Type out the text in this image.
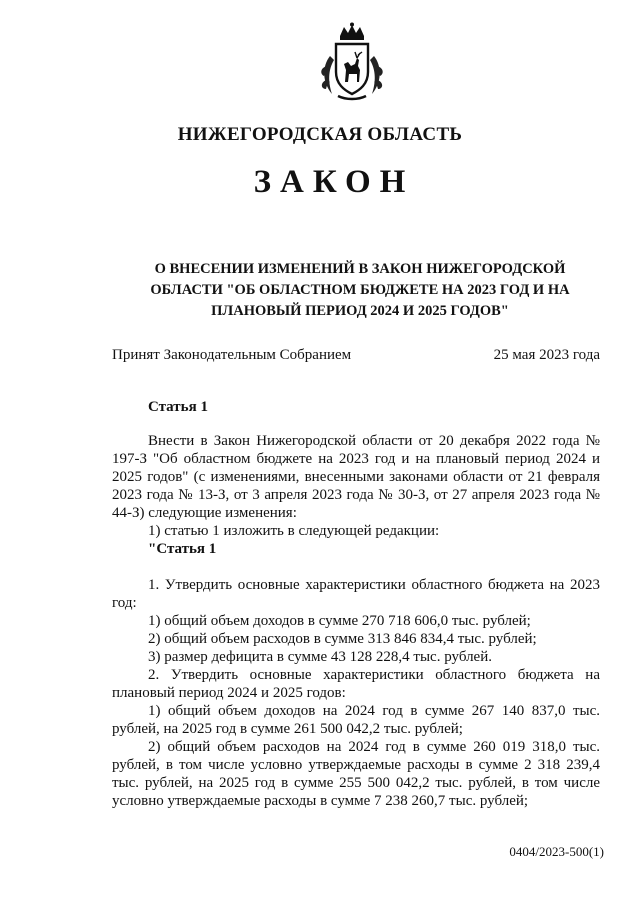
НИЖЕГОРОДСКАЯ ОБЛАСТЬ
ЗАКОН
О ВНЕСЕНИИ ИЗМЕНЕНИЙ В ЗАКОН НИЖЕГОРОДСКОЙ ОБЛАСТИ "ОБ ОБЛАСТНОМ БЮДЖЕТЕ НА 2023 ГОД И НА ПЛАНОВЫЙ ПЕРИОД 2024 И 2025 ГОДОВ"
Принят Законодательным Собранием	25 мая 2023 года

Статья 1

Внести в Закон Нижегородской области от 20 декабря 2022 года № 197-З "Об областном бюджете на 2023 год и на плановый период 2024 и 2025 годов" (с изменениями, внесенными законами области от 21 февраля 2023 года № 13-З, от 3 апреля 2023 года № 30-З, от 27 апреля 2023 года № 44-З) следующие изменения:

1) статью 1 изложить в следующей редакции:

"Статья 1

1. Утвердить основные характеристики областного бюджета на 2023 год:

1) общий объем доходов в сумме 270 718 606,0 тыс. рублей;

2) общий объем расходов в сумме 313 846 834,4 тыс. рублей;

3) размер дефицита в сумме 43 128 228,4 тыс. рублей.

2. Утвердить основные характеристики областного бюджета на плановый период 2024 и 2025 годов:

1) общий объем доходов на 2024 год в сумме 267 140 837,0 тыс. рублей, на 2025 год в сумме 261 500 042,2 тыс. рублей;

2) общий объем расходов на 2024 год в сумме 260 019 318,0 тыс. рублей, в том числе условно утверждаемые расходы в сумме 2 318 239,4 тыс. рублей, на 2025 год в сумме 255 500 042,2 тыс. рублей, в том числе условно утверждаемые расходы в сумме 7 238 260,7 тыс. рублей;

0404/2023-500(1)
